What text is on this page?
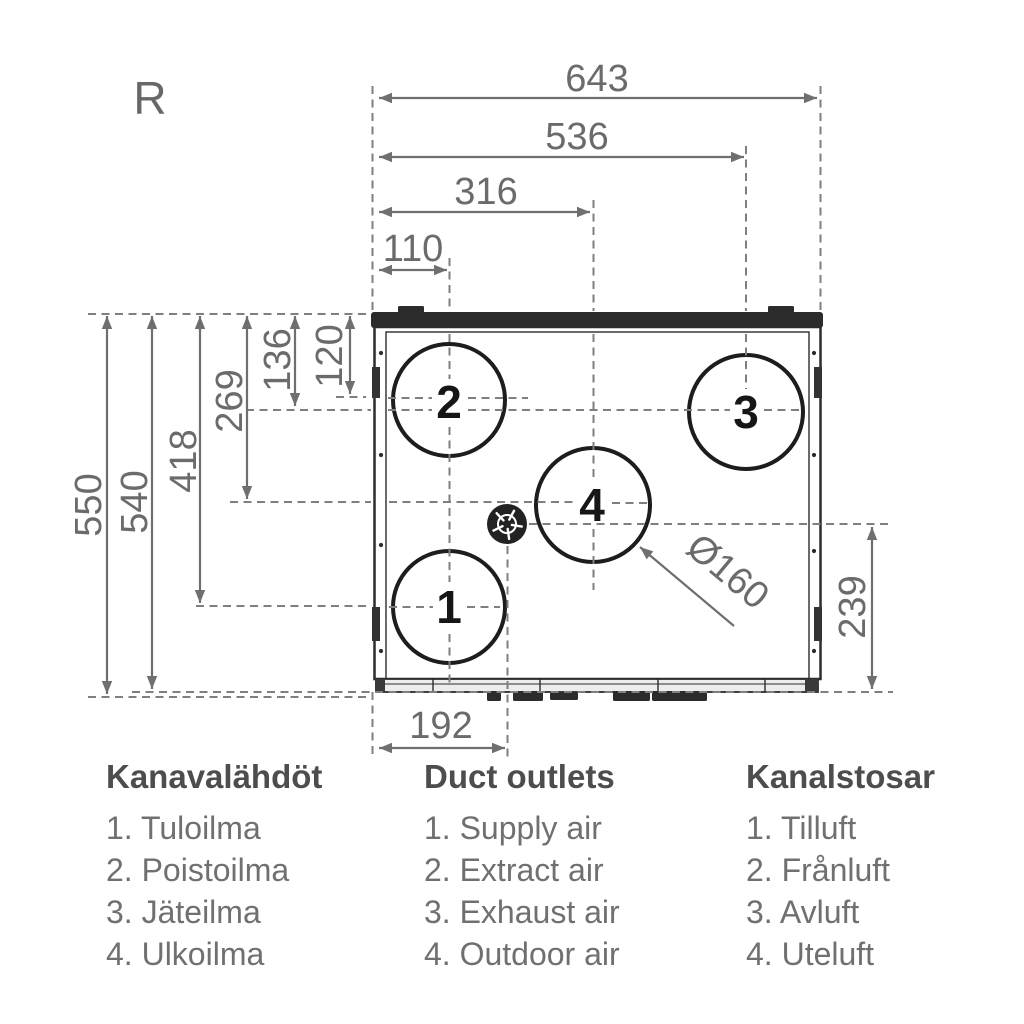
2	3
4
1
643
536
316
110
550 540
418
269
136 120
239
192
Ø160
R
Kanavalähdöt
1. Tuloilma
2. Poistoilma
3. Jäteilma
4. Ulkoilma
Duct outlets
1. Supply air
2. Extract air
3. Exhaust air
4. Outdoor air
Kanalstosar
1. Tilluft
2. Frånluft
3. Avluft
4. Uteluft
